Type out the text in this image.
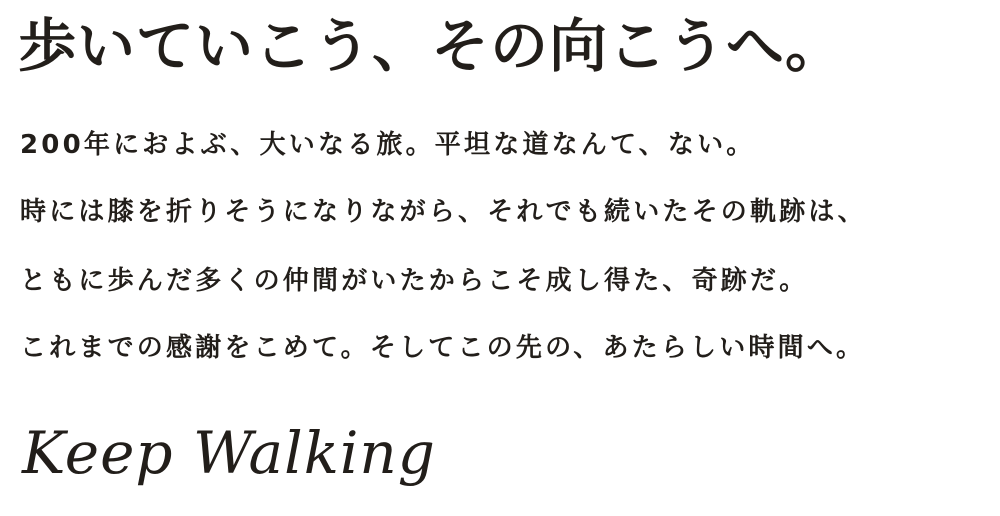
歩いていこう、その向こうへ。

200年におよぶ、大いなる旅。平坦な道なんて、ない。

時には膝を折りそうになりながら、それでも続いたその軌跡は、

ともに歩んだ多くの仲間がいたからこそ成し得た、奇跡だ。

これまでの感謝をこめて。そしてこの先の、あたらしい時間へ。

Keep Walking
